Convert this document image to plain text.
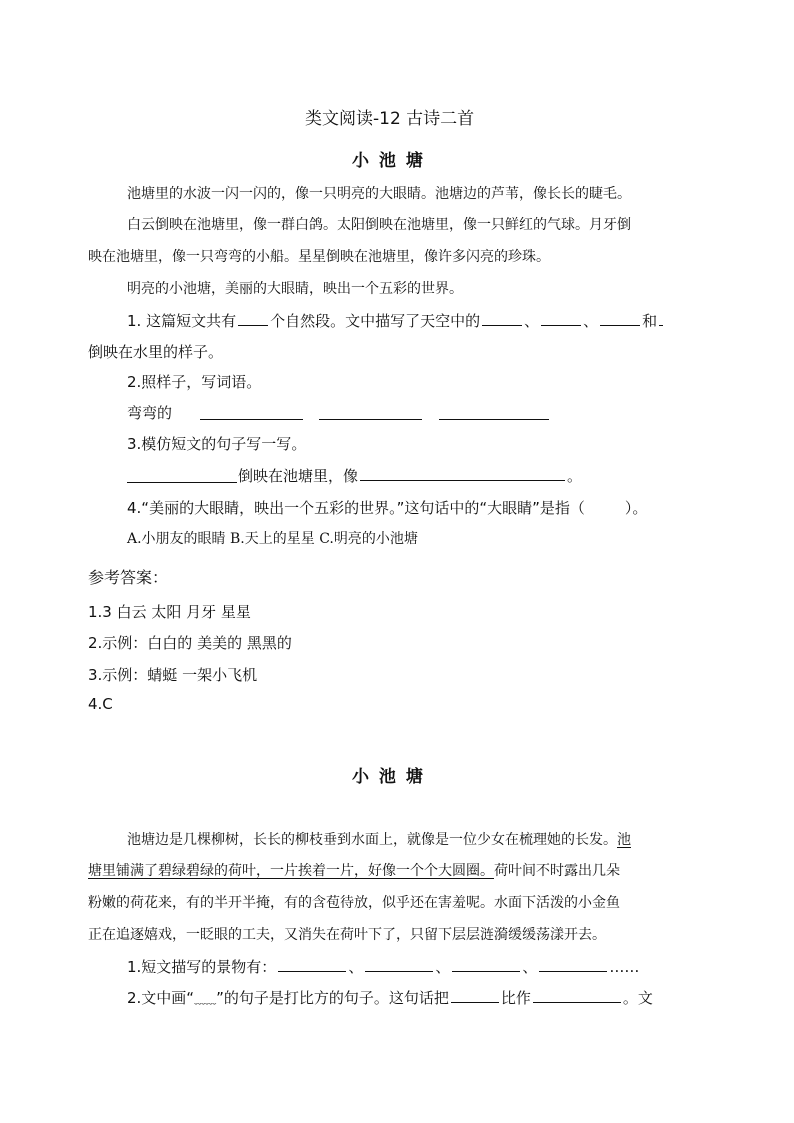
类文阅读-12 古诗二首
小 池 塘
池塘里的水波一闪一闪的，像一只明亮的大眼睛。池塘边的芦苇，像长长的睫毛。
白云倒映在池塘里，像一群白鸽。太阳倒映在池塘里，像一只鲜红的气球。月牙倒
映在池塘里，像一只弯弯的小船。星星倒映在池塘里，像许多闪亮的珍珠。
明亮的小池塘，美丽的大眼睛，映出一个五彩的世界。
1. 这篇短文共有 个自然段。文中描写了天空中的	、	、	和
倒映在水里的样子。
2.照样子，写词语。
弯弯的
3.模仿短文的句子写一写。
倒映在池塘里，像	。
4.“美丽的大眼睛，映出一个五彩的世界。”这句话中的“大眼睛”是指（	）。
A.小朋友的眼睛 B.天上的星星 C.明亮的小池塘
参考答案：
1.3 白云 太阳 月牙 星星
2.示例：白白的 美美的 黑黑的
3.示例：蜻蜓 一架小飞机
4.C
小 池 塘
池塘边是几棵柳树，长长的柳枝垂到水面上，就像是一位少女在梳理她的长发。池
塘里铺满了碧绿碧绿的荷叶，一片挨着一片，好像一个个大圆圈。荷叶间不时露出几朵
粉嫩的荷花来，有的半开半掩，有的含苞待放，似乎还在害羞呢。水面下活泼的小金鱼
正在追逐嬉戏，一眨眼的工夫，又消失在荷叶下了，只留下层层涟漪缓缓荡漾开去。
1.短文描写的景物有：	、	、	、	……
2.文中画“﹏﹏”的句子是打比方的句子。这句话把	比作	。文
